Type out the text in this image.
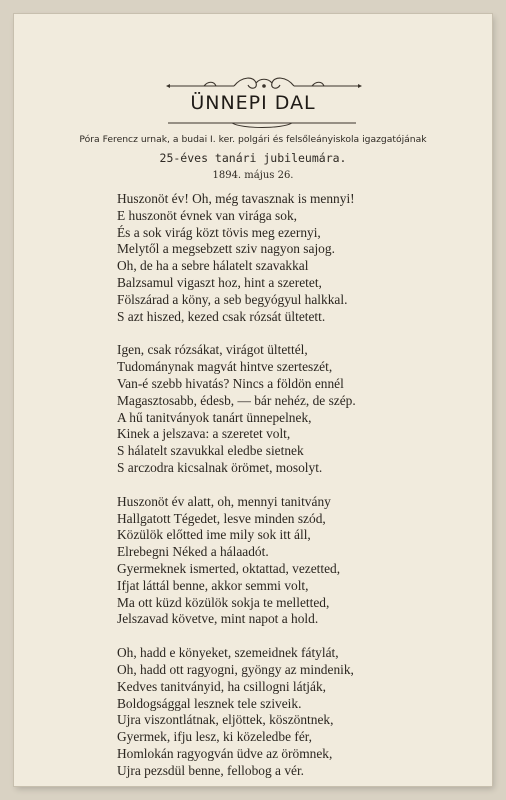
ÜNNEPI DAL
Póra Ferencz urnak, a budai I. ker. polgári és felsőleányiskola igazgatójának
25-éves tanári jubileumára.
1894. május 26.
Huszonöt év! Oh, még tavasznak is mennyi!
E huszonöt évnek van virága sok,
És a sok virág közt tövis meg ezernyi,
Melytől a megsebzett sziv nagyon sajog.
Oh, de ha a sebre hálatelt szavakkal
Balzsamul vigaszt hoz, hint a szeretet,
Fölszárad a köny, a seb begyógyul halkkal.
S azt hiszed, kezed csak rózsát ültetett.
Igen, csak rózsákat, virágot ültettél,
Tudománynak magvát hintve szerteszét,
Van-é szebb hivatás? Nincs a földön ennél
Magasztosabb, édesb, — bár nehéz, de szép.
A hű tanitványok tanárt ünnepelnek,
Kinek a jelszava: a szeretet volt,
S hálatelt szavukkal eledbe sietnek
S arczodra kicsalnak örömet, mosolyt.
Huszonöt év alatt, oh, mennyi tanitvány
Hallgatott Tégedet, lesve minden szód,
Közülök előtted ime mily sok itt áll,
Elrebegni Néked a hálaadót.
Gyermeknek ismerted, oktattad, vezetted,
Ifjat láttál benne, akkor semmi volt,
Ma ott küzd közülök sokja te melletted,
Jelszavad követve, mint napot a hold.
Oh, hadd e könyeket, szemeidnek fátylát,
Oh, hadd ott ragyogni, gyöngy az mindenik,
Kedves tanitványid, ha csillogni látják,
Boldogsággal lesznek tele sziveik.
Ujra viszontlátnak, eljöttek, köszöntnek,
Gyermek, ifju lesz, ki közeledbe fér,
Homlokán ragyogván üdve az örömnek,
Ujra pezsdül benne, fellobog a vér.
